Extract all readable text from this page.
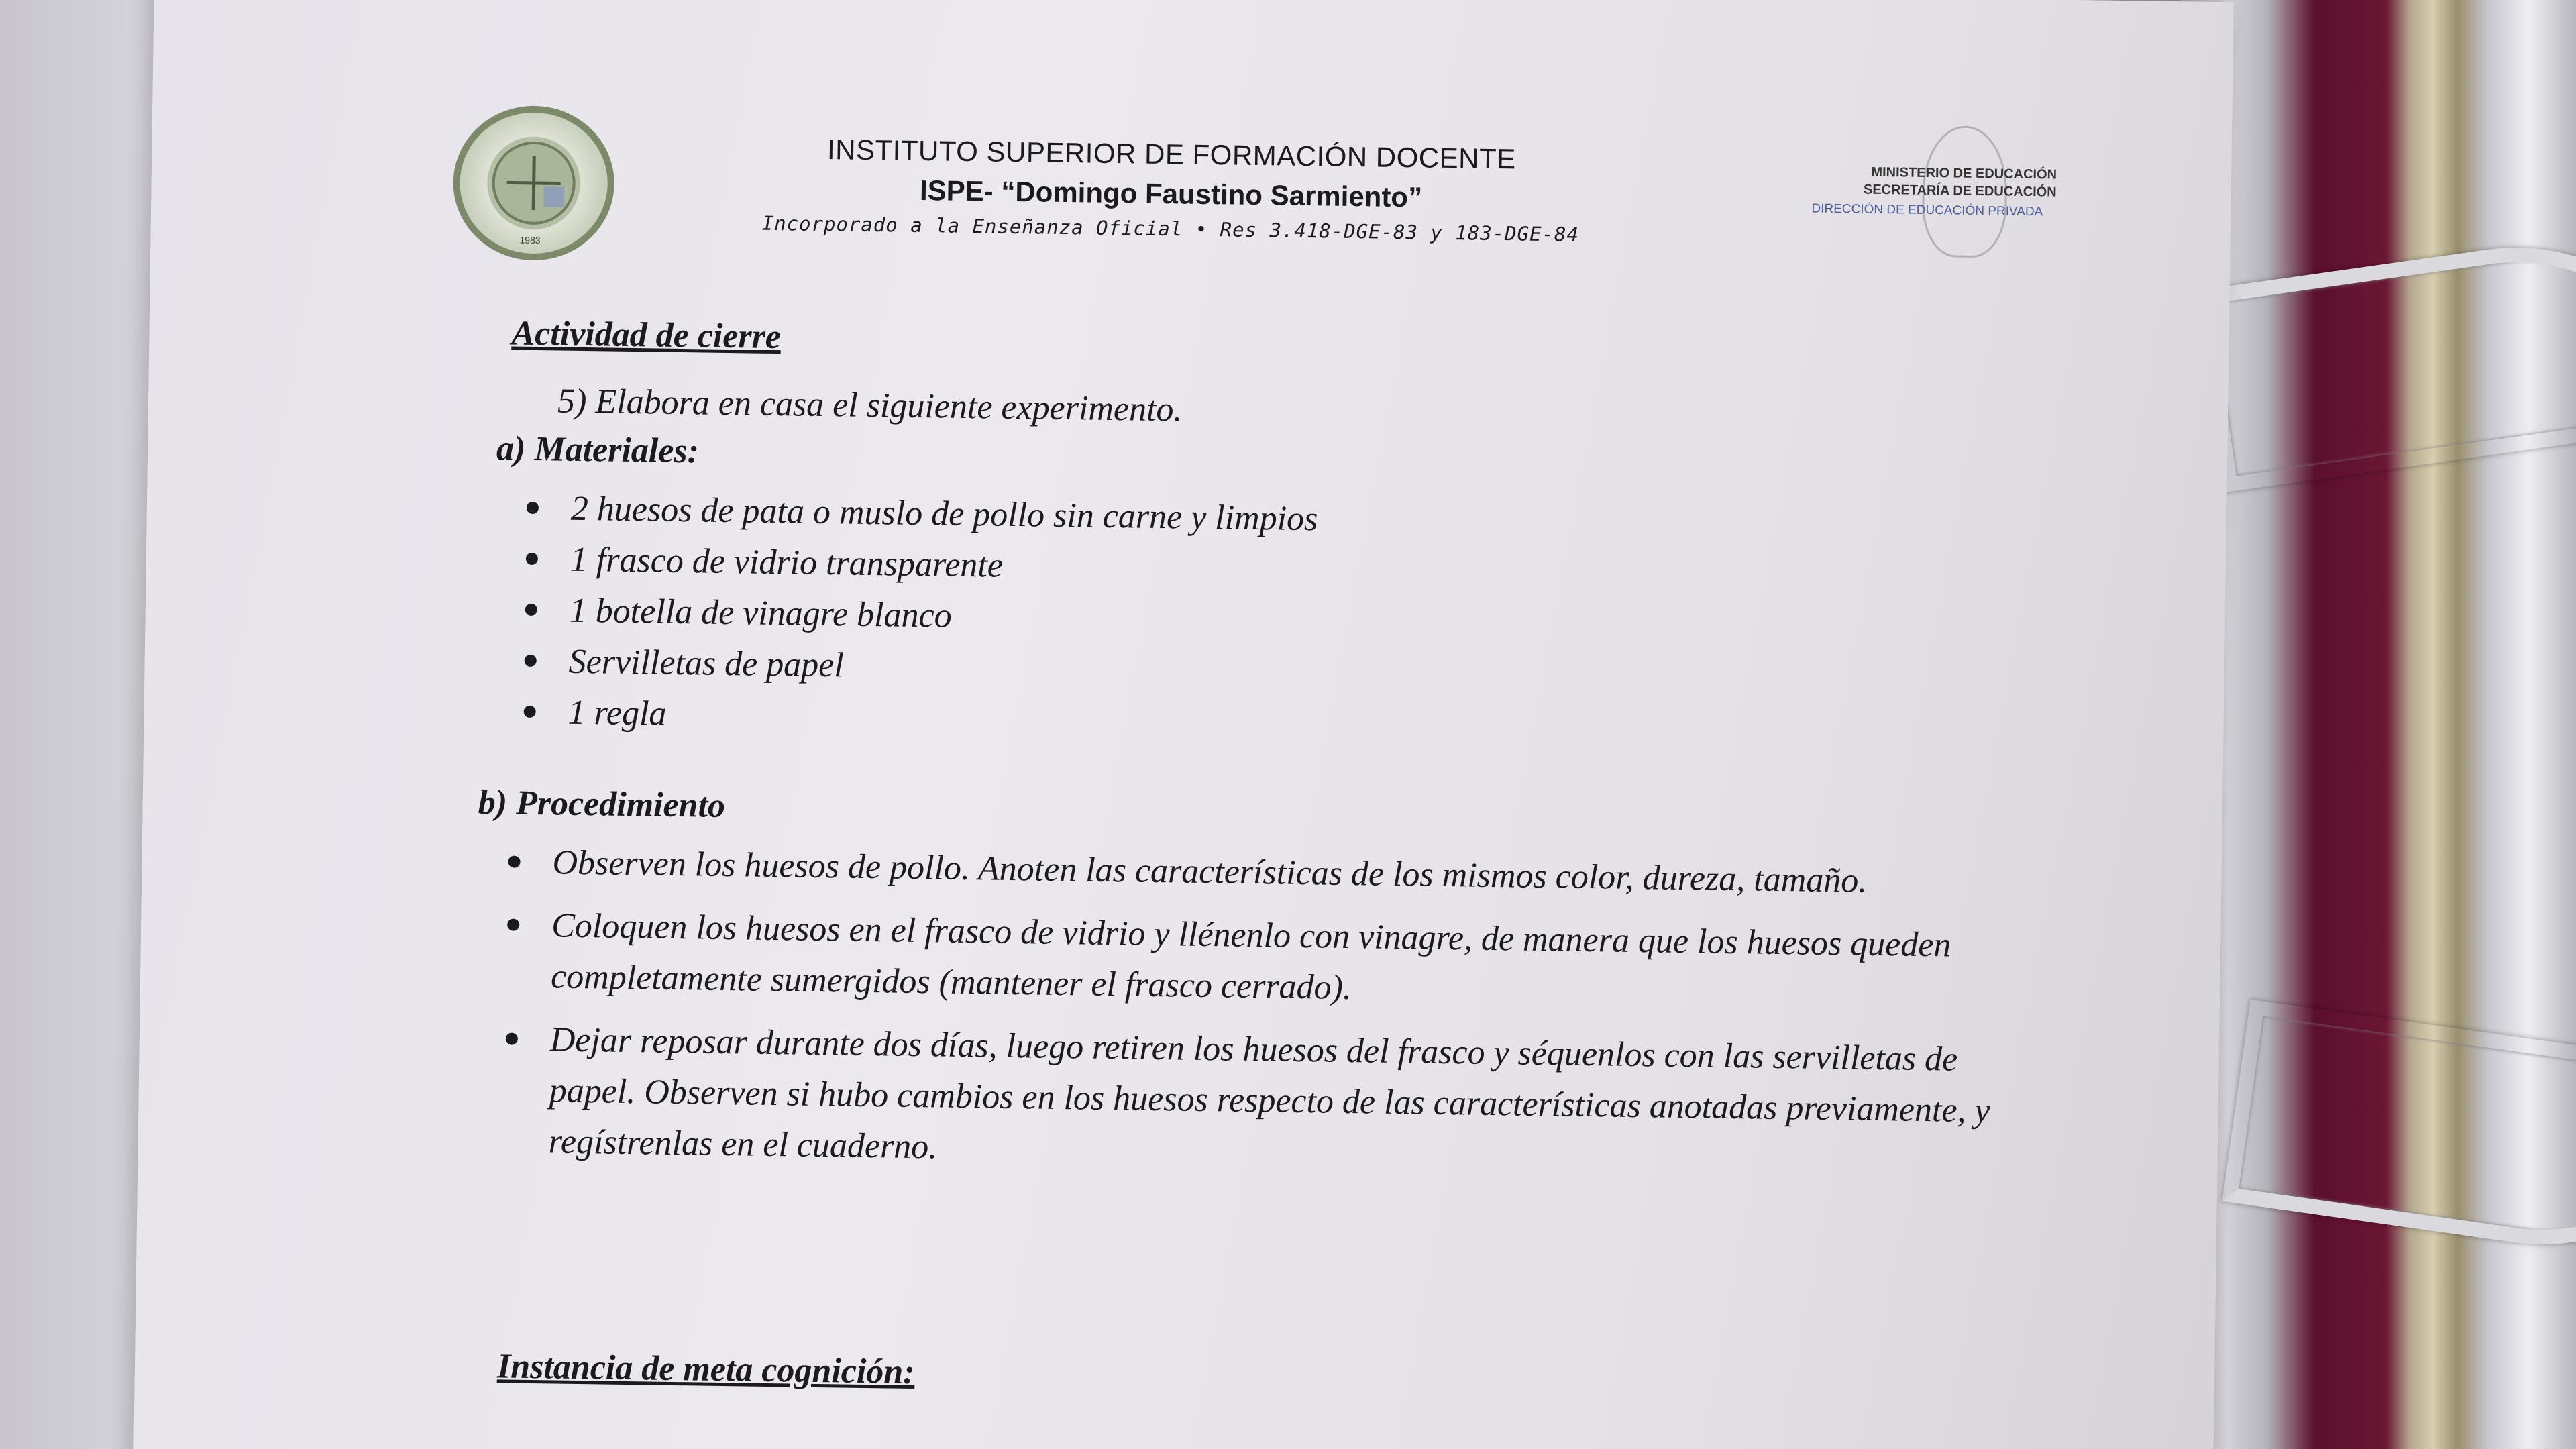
1983

INSTITUTO SUPERIOR DE FORMACIÓN DOCENTE

ISPE- “Domingo Faustino Sarmiento”

Incorporado a la Enseñanza Oficial • Res 3.418-DGE-83 y 183-DGE-84

MINISTERIO DE EDUCACIÓN

SECRETARÍA DE EDUCACIÓN

DIRECCIÓN DE EDUCACIÓN PRIVADA

Actividad de cierre

5) Elabora en casa el siguiente experimento.

a) Materiales:

2 huesos de pata o muslo de pollo sin carne y limpios
1 frasco de vidrio transparente
1 botella de vinagre blanco
Servilletas de papel
1 regla

b) Procedimiento

Observen los huesos de pollo. Anoten las características de los mismos color, dureza, tamaño.
Coloquen los huesos en el frasco de vidrio y llénenlo con vinagre, de manera que los huesos queden completamente sumergidos (mantener el frasco cerrado).
Dejar reposar durante dos días, luego retiren los huesos del frasco y séquenlos con las servilletas de papel. Observen si hubo cambios en los huesos respecto de las características anotadas previamente, y regístrenlas en el cuaderno.

Instancia de meta cognición:
